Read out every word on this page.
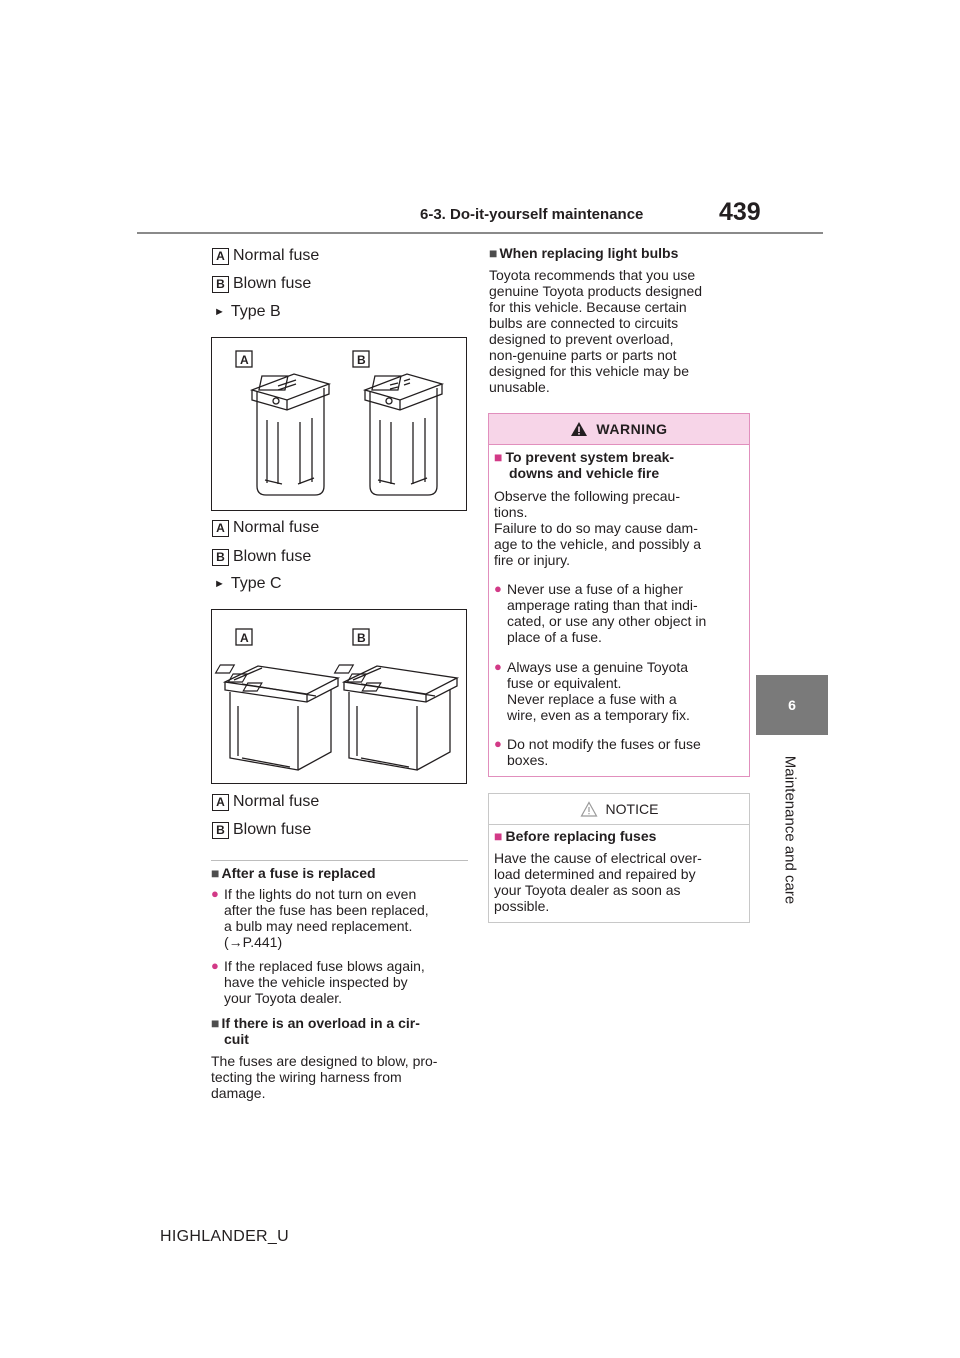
6-3. Do-it-yourself maintenance	439
6
Maintenance and care
A Normal fuse
B Blown fuse
► Type B
A	B
A Normal fuse
B Blown fuse
► Type C
A	B
A Normal fuse
B Blown fuse
■ After a fuse is replaced
● If the lights do not turn on even
after the fuse has been replaced,
a bulb may need replacement.
(→P.441)
● If the replaced fuse blows again,
have the vehicle inspected by
your Toyota dealer.
■ If there is an overload in a cir-
cuit
The fuses are designed to blow, pro-
tecting the wiring harness from
damage.
■ When replacing light bulbs
Toyota recommends that you use
genuine Toyota products designed
for this vehicle. Because certain
bulbs are connected to circuits
designed to prevent overload,
non-genuine parts or parts not
designed for this vehicle may be
unusable.
WARNING
■ To prevent system break-
downs and vehicle fire
Observe the following precau-
tions.
Failure to do so may cause dam-
age to the vehicle, and possibly a
fire or injury.
● Never use a fuse of a higher
amperage rating than that indi-
cated, or use any other object in
place of a fuse.
● Always use a genuine Toyota
fuse or equivalent.
Never replace a fuse with a
wire, even as a temporary fix.
● Do not modify the fuses or fuse
boxes.
NOTICE
■ Before replacing fuses
Have the cause of electrical over-
load determined and repaired by
your Toyota dealer as soon as
possible.
HIGHLANDER_U
